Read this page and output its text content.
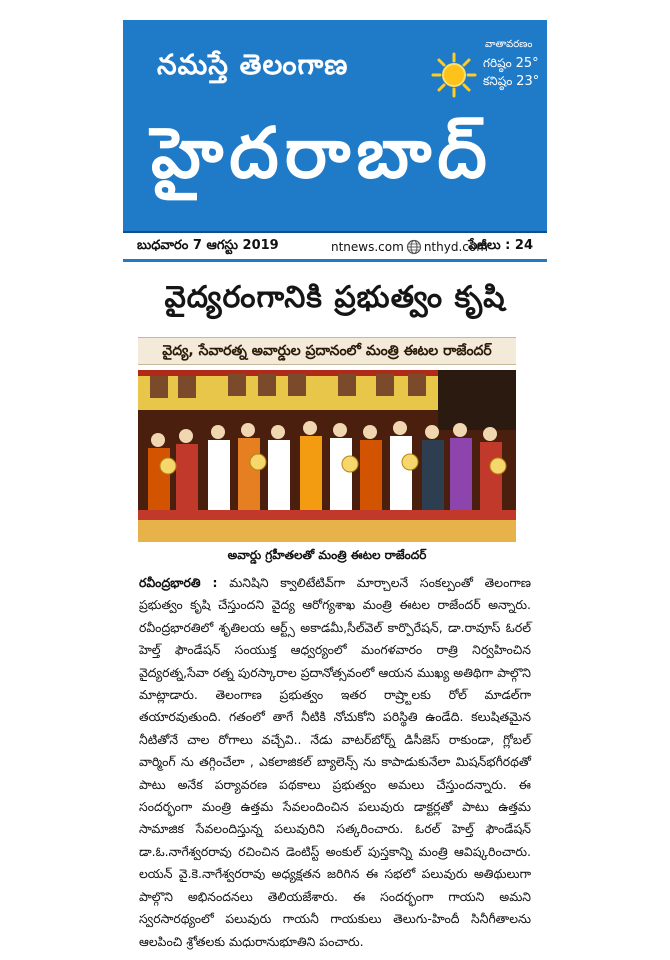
నమస్తే తెలంగాణ
హైదరాబాద్
వాతావరణం
గరిష్ఠం 25°
కనిష్ఠం 23°
బుధవారం 7 ఆగస్టు 2019	ntnews.com nthyd.com
పేజీలు : 24
వైద్యరంగానికి ప్రభుత్వం కృషి
వైద్య, సేవారత్న అవార్డుల ప్రదానంలో మంత్రి ఈటల రాజేందర్
అవార్డు గ్రహీతలతో మంత్రి ఈటల రాజేందర్
రవీంద్రభారతి : మనిషిని క్వాలిటేటివ్‌గా మార్చాలనే సంకల్పంతో తెలంగాణ ప్రభుత్వం కృషి చేస్తుందని వైద్య ఆరోగ్యశాఖ మంత్రి ఈటల రాజేందర్ అన్నారు. రవీంద్రభారతిలో శృతిలయ ఆర్ట్స్ అకాడమీ,సీల్‌వెల్ కార్పొరేషన్, డా.రావూస్ ఓరల్ హెల్త్ ఫౌండేషన్ సంయుక్త ఆధ్వర్యంలో మంగళవారం రాత్రి నిర్వహించిన వైద్యరత్న,సేవా రత్న పురస్కారాల ప్రదానోత్సవంలో ఆయన ముఖ్య అతిథిగా పాల్గొని మాట్లాడారు. తెలంగాణ ప్రభుత్వం ఇతర రాష్ర్టాలకు రోల్ మాడల్‌గా తయారవుతుంది. గతంలో తాగే నీటికి నోచుకోని పరిస్థితి ఉండేది. కలుషితమైన నీటితోనే చాల రోగాలు వచ్చేవి.. నేడు వాటర్‌బోర్న్ డిసీజెస్ రాకుండా, గ్లోబల్ వార్మింగ్ ను తగ్గించేలా , ఎకలాజికల్ బ్యాలెన్స్ ను కాపాడుకునేలా మిషన్‌భగీరథతో పాటు అనేక పర్యావరణ పథకాలు ప్రభుత్వం అమలు చేస్తుందన్నారు. ఈ సందర్భంగా మంత్రి ఉత్తమ సేవలందించిన పలువురు డాక్టర్లతో పాటు ఉత్తమ సామాజిక సేవలందిస్తున్న పలువురిని సత్కరించారు. ఓరల్ హెల్త్ ఫౌండేషన్ డా.ఓ.నాగేశ్వరరావు రచించిన డెంటిస్ట్ అంకుల్ పుస్తకాన్ని మంత్రి ఆవిష్కరించారు. లయన్ వై.కె.నాగేశ్వరరావు అధ్యక్షతన జరిగిన ఈ సభలో పలువురు అతిథులుగా పాల్గొని అభినందనలు తెలియజేశారు. ఈ సందర్భంగా గాయని అమని స్వరసారథ్యంలో పలువురు గాయనీ గాయకులు తెలుగు-హిందీ సినీగీతాలను ఆలపించి శ్రోతలకు మధురానుభూతిని పంచారు.
